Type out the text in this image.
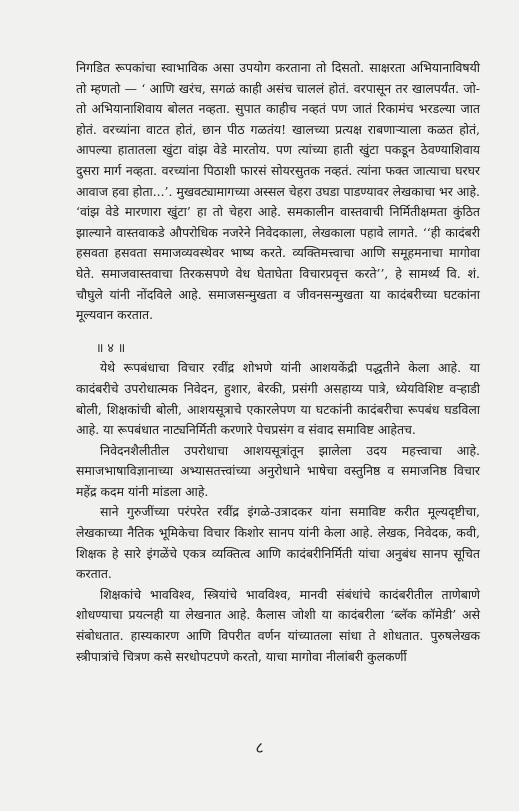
निगडित रूपकांचा स्वाभाविक असा उपयोग करताना तो दिसतो. साक्षरता अभियानाविषयी तो म्हणतो — ‘ आणि खरंच, सगळं काही असंच चाललं होतं. वरपासून तर खालपर्यंत. जो-तो अभियानाशिवाय बोलत नव्हता. सुपात काहीच नव्हतं पण जातं रिकामंच भरडल्या जात होतं. वरच्यांना वाटत होतं, छान पीठ गळतंय! खालच्या प्रत्यक्ष राबणाऱ्याला कळत होतं, आपल्या हातातला खुंटा वांझ वेडे मारतोय. पण त्यांच्या हाती खुंटा पकडून ठेवण्याशिवाय दुसरा मार्ग नव्हता. वरच्यांना पिठाशी फारसं सोयरसुतक नव्हतं. त्यांना फक्त जात्याचा घरघर आवाज हवा होता...’. मुखवट्यामागच्या अस्सल चेहरा उघडा पाडण्यावर लेखकाचा भर आहे. ‘वांझ वेडे मारणारा खुंटा’ हा तो चेहरा आहे. समकालीन वास्तवाची निर्मितीक्षमता कुंठित झाल्याने वास्तवाकडे औपरोधिक नजरेने निवेदकाला, लेखकाला पहावे लागते. ‘‘ही कादंबरी हसवता हसवता समाजव्यवस्थेवर भाष्य करते. व्यक्तिमत्त्वाचा आणि समूहमनाचा मागोवा घेते. समाजवास्तवाचा तिरकसपणे वेध घेताघेता विचारप्रवृत्त करते’’, हे सामर्थ्य वि. शं. चौघुले यांनी नोंदविले आहे. समाजसन्मुखता व जीवनसन्मुखता या कादंबरीच्या घटकांना मूल्यवान करतात.

॥ ४ ॥

येथे रूपबंधाचा विचार रवींद्र शोभणे यांनी आशयकेंद्री पद्धतीने केला आहे. या कादंबरीचे उपरोधात्मक निवेदन, हुशार, बेरकी, प्रसंगी असहाय्य पात्रे, ध्येयविशिष्ट वऱ्हाडी बोली, शिक्षकांची बोली, आशयसूत्राचे एकारलेपण या घटकांनी कादंबरीचा रूपबंध घडविला आहे. या रूपबंधात नाट्यनिर्मिती करणारे पेचप्रसंग व संवाद समाविष्ट आहेतच.

निवेदनशैलीतील उपरोधाचा आशयसूत्रांतून झालेला उदय महत्त्वाचा आहे. समाजभाषाविज्ञानाच्या अभ्यासतत्त्वांच्या अनुरोधाने भाषेचा वस्तुनिष्ठ व समाजनिष्ठ विचार महेंद्र कदम यांनी मांडला आहे.

साने गुरुजींच्या परंपरेत रवींद्र इंगळे-उत्रादकर यांना समाविष्ट करीत मूल्यदृष्टीचा, लेखकाच्या नैतिक भूमिकेचा विचार किशोर सानप यांनी केला आहे. लेखक, निवेदक, कवी, शिक्षक हे सारे इंगळेंचे एकत्र व्यक्तित्व आणि कादंबरीनिर्मिती यांचा अनुबंध सानप सूचित करतात.

शिक्षकांचे भावविश्व, स्त्रियांचे भावविश्व, मानवी संबंधांचे कादंबरीतील ताणेबाणे शोधण्याचा प्रयत्नही या लेखनात आहे. कैलास जोशी या कादंबरीला ‘ब्लॅक कॉमेडी’ असे संबोधतात. हास्यकारण आणि विपरीत वर्णन यांच्यातला सांधा ते शोधतात. पुरुषलेखक स्त्रीपात्रांचे चित्रण कसे सरधोपटपणे करतो, याचा मागोवा नीलांबरी कुलकर्णी

८
